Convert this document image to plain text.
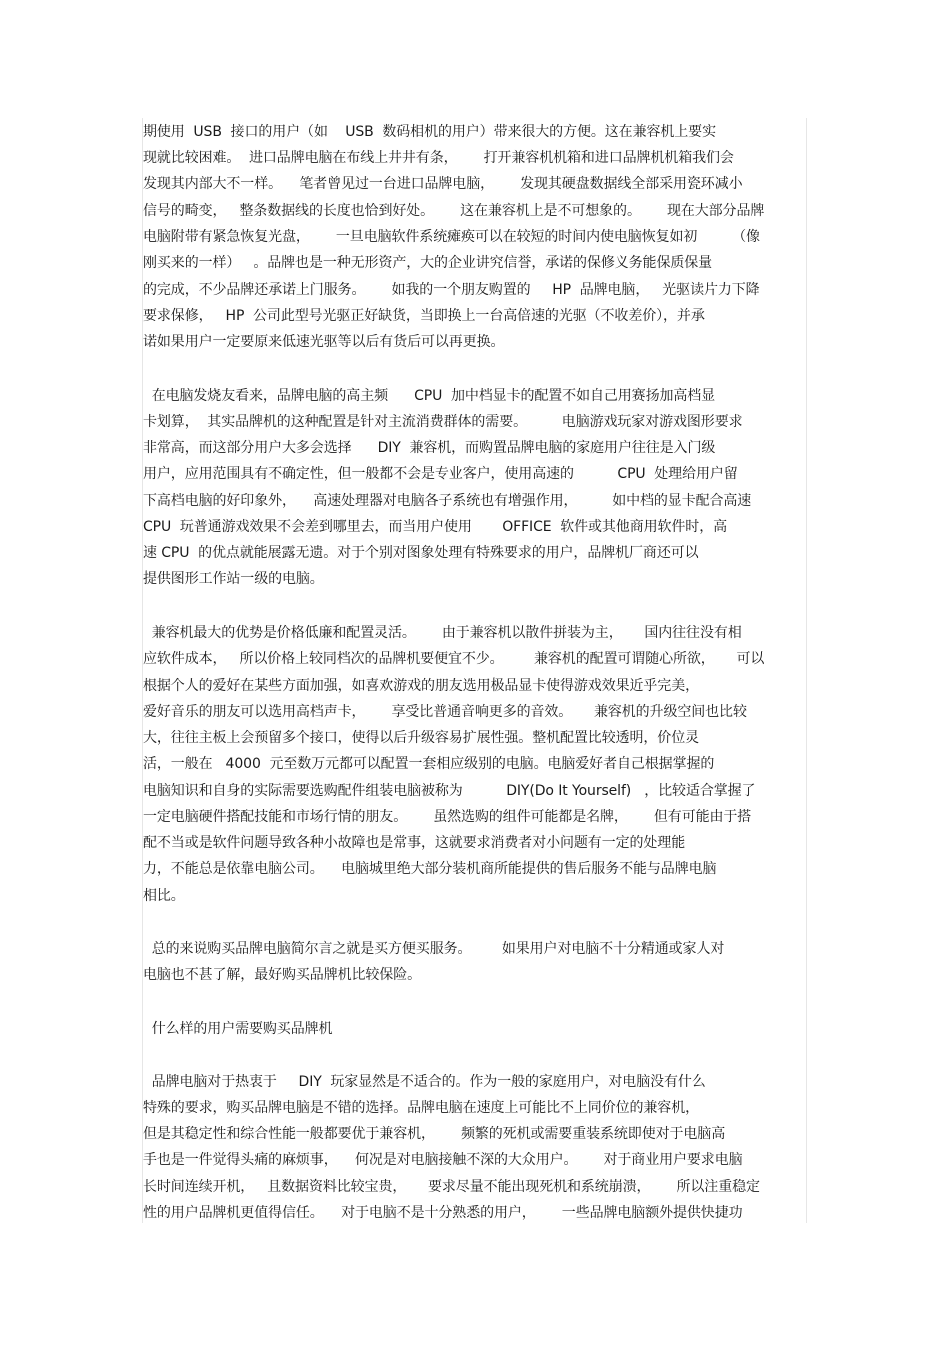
期使用  USB  接口的用户（如    USB  数码相机的用户）带来很大的方便。这在兼容机上要实
现就比较困难。  进口品牌电脑在布线上井井有条，      打开兼容机机箱和进口品牌机机箱我们会
发现其内部大不一样。    笔者曾见过一台进口品牌电脑，      发现其硬盘数据线全部采用瓷环减小
信号的畸变，   整条数据线的长度也恰到好处。      这在兼容机上是不可想象的。      现在大部分品牌
电脑附带有紧急恢复光盘，      一旦电脑软件系统瘫痪可以在较短的时间内使电脑恢复如初        （像
刚买来的一样）   。品牌也是一种无形资产，大的企业讲究信誉，承诺的保修义务能保质保量
的完成，不少品牌还承诺上门服务。      如我的一个朋友购置的     HP  品牌电脑，   光驱读片力下降
要求保修，   HP  公司此型号光驱正好缺货，当即换上一台高倍速的光驱（不收差价），并承
诺如果用户一定要原来低速光驱等以后有货后可以再更换。
在电脑发烧友看来，品牌电脑的高主频      CPU  加中档显卡的配置不如自己用赛扬加高档显
卡划算，  其实品牌机的这种配置是针对主流消费群体的需要。        电脑游戏玩家对游戏图形要求
非常高，而这部分用户大多会选择      DIY  兼容机，而购置品牌电脑的家庭用户往往是入门级
用户，应用范围具有不确定性，但一般都不会是专业客户，使用高速的          CPU  处理给用户留
下高档电脑的好印象外，    高速处理器对电脑各子系统也有增强作用，        如中档的显卡配合高速
CPU  玩普通游戏效果不会差到哪里去，而当用户使用       OFFICE  软件或其他商用软件时，高
速 CPU  的优点就能展露无遗。对于个别对图象处理有特殊要求的用户，品牌机厂商还可以
提供图形工作站一级的电脑。
兼容机最大的优势是价格低廉和配置灵活。      由于兼容机以散件拼装为主，     国内往往没有相
应软件成本，   所以价格上较同档次的品牌机要便宜不少。       兼容机的配置可谓随心所欲，     可以
根据个人的爱好在某些方面加强，如喜欢游戏的朋友选用极品显卡使得游戏效果近乎完美，
爱好音乐的朋友可以选用高档声卡，      享受比普通音响更多的音效。     兼容机的升级空间也比较
大，往往主板上会预留多个接口，使得以后升级容易扩展性强。整机配置比较透明，价位灵
活，一般在   4000  元至数万元都可以配置一套相应级别的电脑。电脑爱好者自己根据掌握的
电脑知识和自身的实际需要选购配件组装电脑被称为          DIY(Do It Yourself)   ，比较适合掌握了
一定电脑硬件搭配技能和市场行情的朋友。      虽然选购的组件可能都是名牌，      但有可能由于搭
配不当或是软件问题导致各种小故障也是常事，这就要求消费者对小问题有一定的处理能
力，不能总是依靠电脑公司。    电脑城里绝大部分装机商所能提供的售后服务不能与品牌电脑
相比。
总的来说购买品牌电脑简尔言之就是买方便买服务。       如果用户对电脑不十分精通或家人对
电脑也不甚了解，最好购买品牌机比较保险。
什么样的用户需要购买品牌机
品牌电脑对于热衷于     DIY  玩家显然是不适合的。作为一般的家庭用户，对电脑没有什么
特殊的要求，购买品牌电脑是不错的选择。品牌电脑在速度上可能比不上同价位的兼容机，
但是其稳定性和综合性能一般都要优于兼容机，      频繁的死机或需要重装系统即使对于电脑高
手也是一件觉得头痛的麻烦事，    何况是对电脑接触不深的大众用户。      对于商业用户要求电脑
长时间连续开机，   且数据资料比较宝贵，     要求尽量不能出现死机和系统崩溃，      所以注重稳定
性的用户品牌机更值得信任。    对于电脑不是十分熟悉的用户，      一些品牌电脑额外提供快捷功
